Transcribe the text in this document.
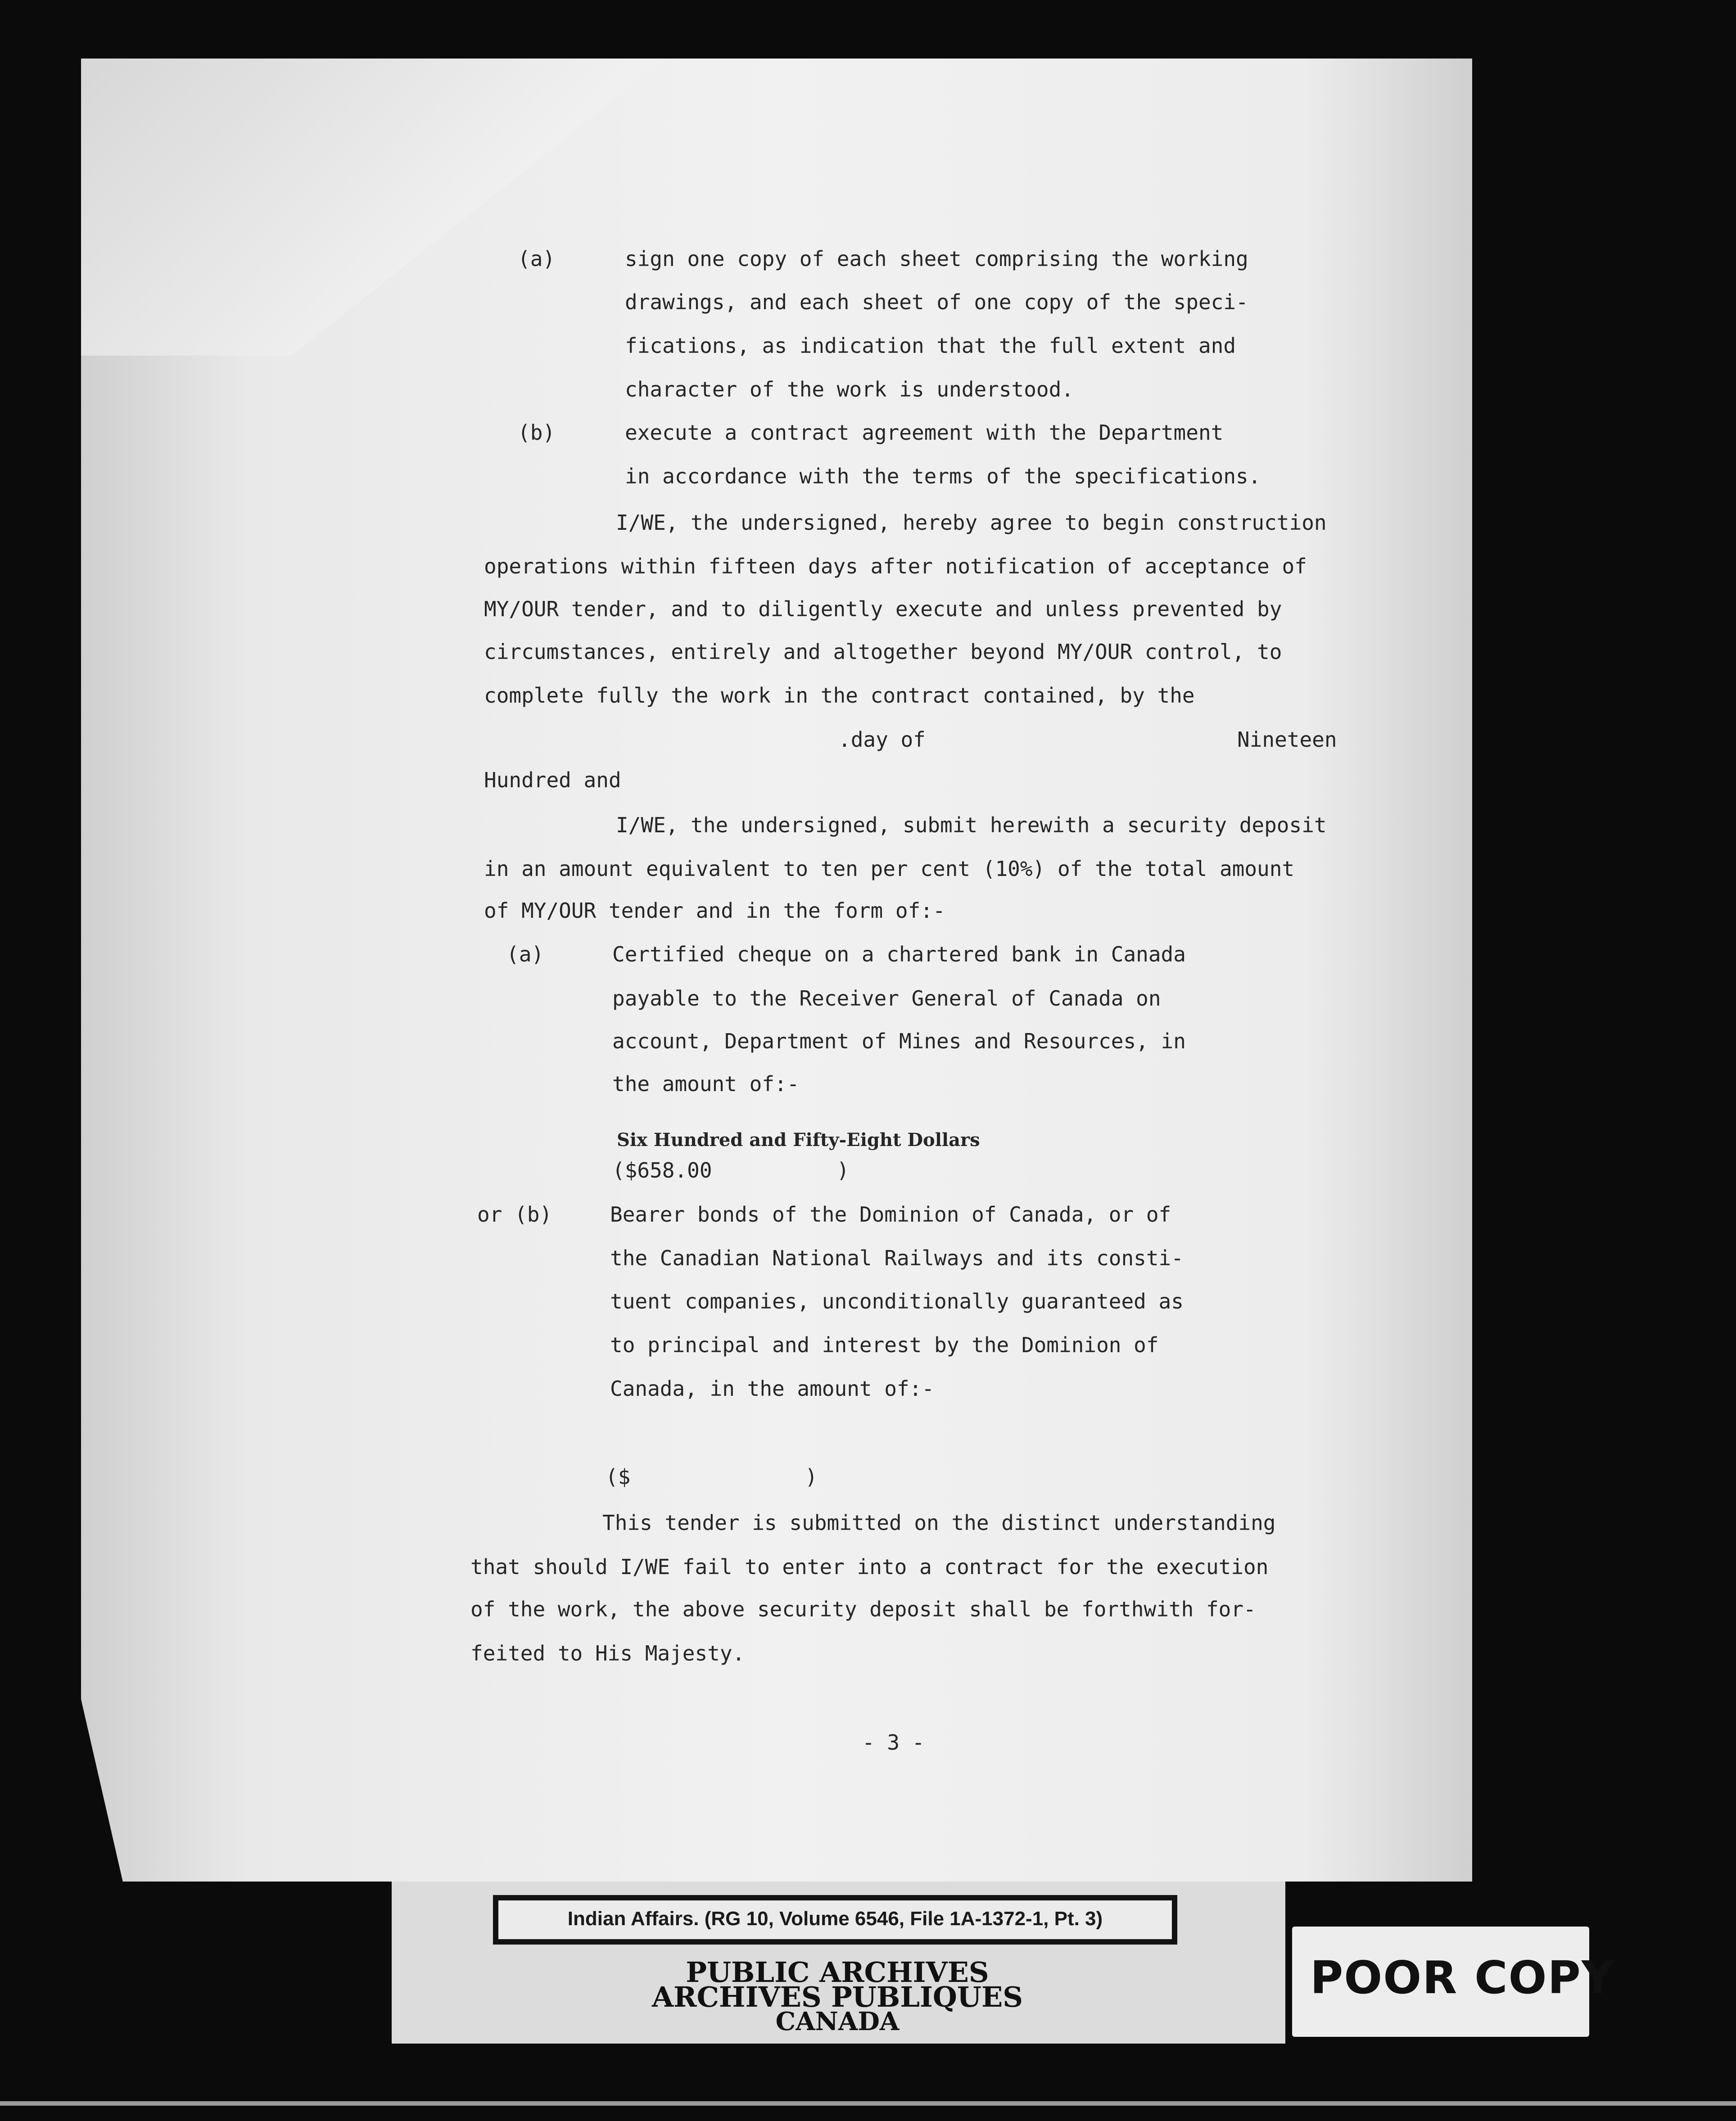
(a)	sign one copy of each sheet comprising the working
drawings, and each sheet of one copy of the speci-
fications, as indication that the full extent and
character of the work is understood.
(b)	execute a contract agreement with the Department
in accordance with the terms of the specifications.
I/WE, the undersigned, hereby agree to begin construction
operations within fifteen days after notification of acceptance of
MY/OUR tender, and to diligently execute and unless prevented by
circumstances, entirely and altogether beyond MY/OUR control, to
complete fully the work in the contract contained, by the
.day of	Nineteen
Hundred and
I/WE, the undersigned, submit herewith a security deposit
in an amount equivalent to ten per cent (10%) of the total amount
of MY/OUR tender and in the form of:-
(a)	Certified cheque on a chartered bank in Canada
payable to the Receiver General of Canada on
account, Department of Mines and Resources, in
the amount of:-
Six Hundred and Fifty-Eight Dollars
($658.00          )
or (b)	Bearer bonds of the Dominion of Canada, or of
the Canadian National Railways and its consti-
tuent companies, unconditionally guaranteed as
to principal and interest by the Dominion of
Canada, in the amount of:-
($              )
This tender is submitted on the distinct understanding
that should I/WE fail to enter into a contract for the execution
of the work, the above security deposit shall be forthwith for-
feited to His Majesty.
- 3 -
Indian Affairs. (RG 10, Volume 6546, File 1A-1372-1, Pt. 3)
PUBLIC ARCHIVES
ARCHIVES PUBLIQUES
CANADA
POOR COPY
